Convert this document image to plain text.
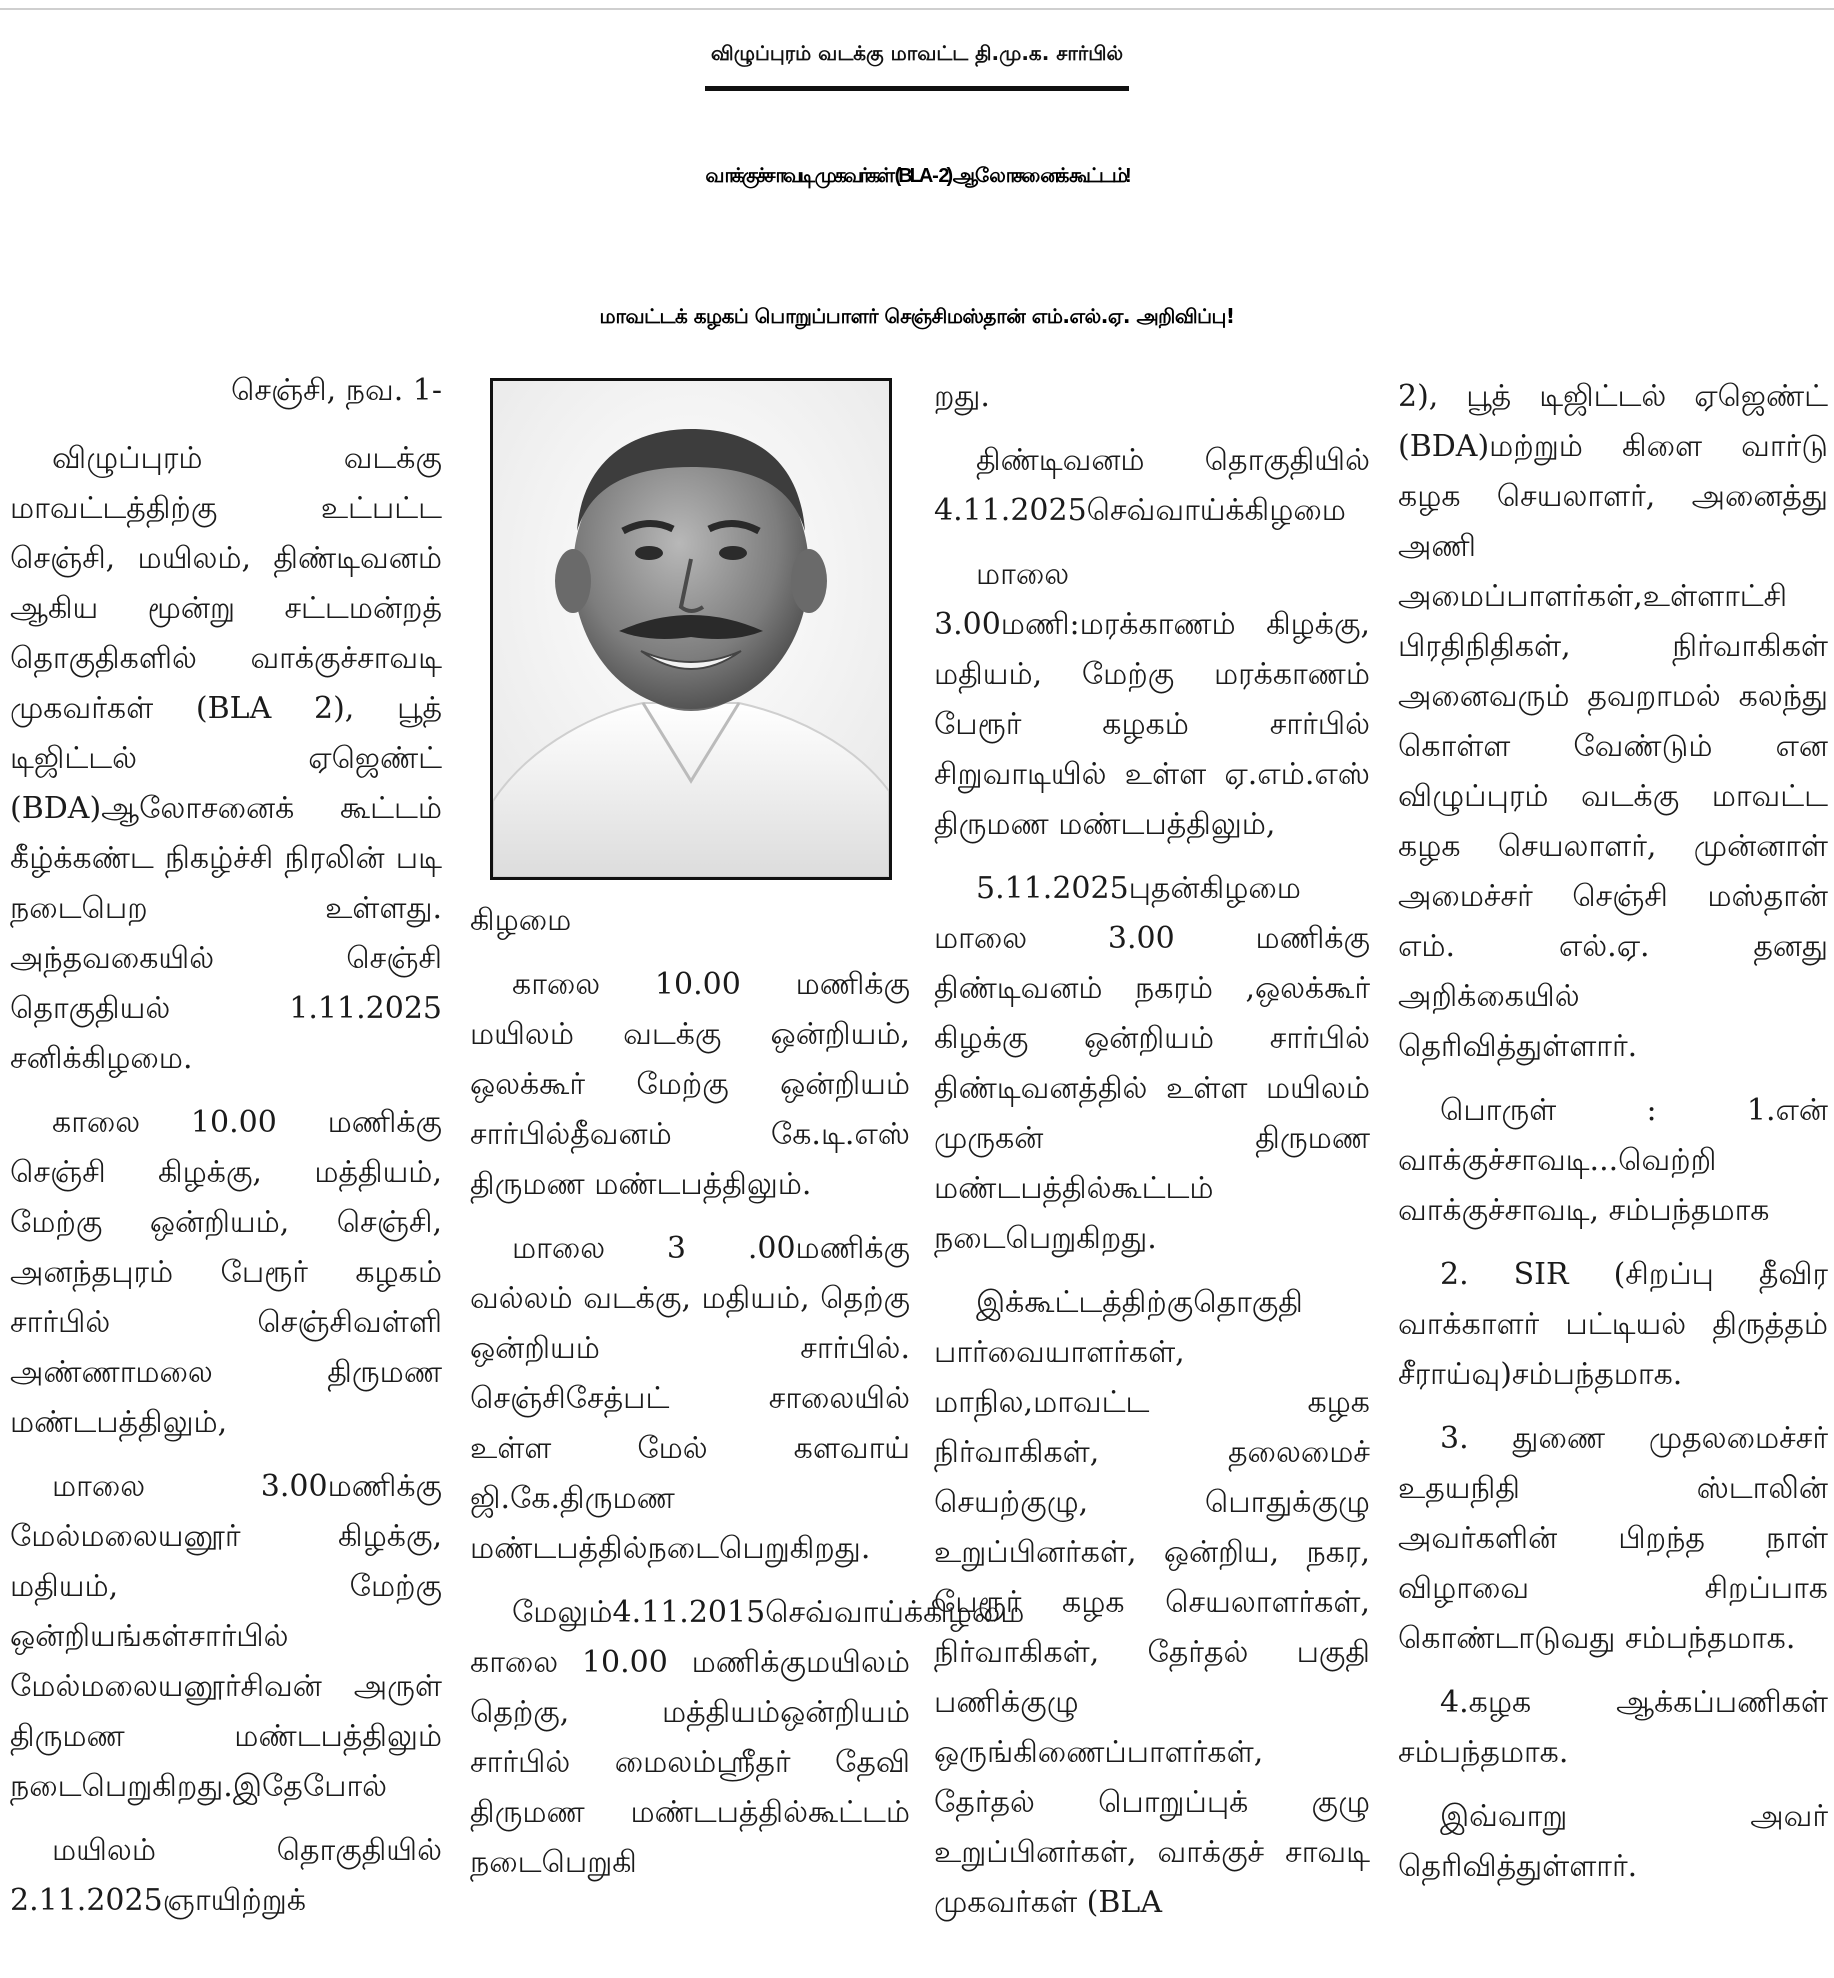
விழுப்புரம் வடக்கு மாவட்ட தி.மு.க. சார்பில்
வாக்குச்சாவடி முகவர்கள் (BLA - 2) ஆலோசனைக் கூட்டம்!
மாவட்டக் கழகப் பொறுப்பாளர் செஞ்சிமஸ்தான் எம்.எல்.ஏ. அறிவிப்பு!

செஞ்சி, நவ. 1-

விழுப்புரம் வடக்கு மாவட்டத்திற்கு உட்பட்ட செஞ்சி, மயிலம், திண்டிவனம் ஆகிய மூன்று சட்டமன்றத் தொகுதிகளில் வாக்குச்சாவடி முகவர்கள் (BLA 2), பூத் டிஜிட்டல் ஏஜெண்ட் (BDA)ஆலோசனைக் கூட்டம் கீழ்க்கண்ட நிகழ்ச்சி நிரலின் படி நடைபெற உள்ளது. அந்தவகையில் செஞ்சி தொகுதியல் 1.11.2025 சனிக்கிழமை.

காலை 10.00 மணிக்கு செஞ்சி கிழக்கு, மத்தியம், மேற்கு ஒன்றியம், செஞ்சி, அனந்தபுரம் பேரூர் கழகம் சார்பில் செஞ்சிவள்ளி அண்ணாமலை திருமண மண்டபத்திலும்,

மாலை 3.00மணிக்கு மேல்மலையனூர் கிழக்கு, மதியம், மேற்கு ஒன்றியங்கள்சார்பில் மேல்மலையனூர்சிவன் அருள் திருமண மண்டபத்திலும் நடைபெறுகிறது.இதேபோல்

மயிலம் தொகுதியில் 2.11.2025ஞாயிற்றுக்

கிழமை

காலை 10.00 மணிக்கு மயிலம் வடக்கு ஒன்றியம், ஒலக்கூர் மேற்கு ஒன்றியம் சார்பில்தீவனம் கே.டி.எஸ் திருமண மண்டபத்திலும்.

மாலை 3 .00மணிக்கு வல்லம் வடக்கு, மதியம், தெற்கு ஒன்றியம் சார்பில். செஞ்சிசேத்பட் சாலையில் உள்ள மேல் களவாய் ஜி.கே.திருமண மண்டபத்தில்நடைபெறுகிறது.

மேலும்4.11.2015செவ்வாய்க்கிழமை காலை 10.00 மணிக்குமயிலம் தெற்கு, மத்தியம்ஒன்றியம் சார்பில் மைலம்ஸ்ரீதர் தேவி திருமண மண்டபத்தில்கூட்டம் நடைபெறுகி

றது.

திண்டிவனம் தொகுதியில் 4.11.2025செவ்வாய்க்கிழமை

மாலை 3.00மணி:மரக்காணம் கிழக்கு, மதியம், மேற்கு மரக்காணம் பேரூர் கழகம் சார்பில் சிறுவாடியில் உள்ள ஏ.எம்.எஸ் திருமண மண்டபத்திலும்,

5.11.2025புதன்கிழமை மாலை 3.00 மணிக்கு திண்டிவனம் நகரம் ,ஒலக்கூர் கிழக்கு ஒன்றியம் சார்பில் திண்டிவனத்தில் உள்ள மயிலம் முருகன் திருமண மண்டபத்தில்கூட்டம் நடைபெறுகிறது.

இக்கூட்டத்திற்குதொகுதி பார்வையாளர்கள், மாநில,மாவட்ட கழக நிர்வாகிகள், தலைமைச் செயற்குழு, பொதுக்குழு உறுப்பினர்கள், ஒன்றிய, நகர, பேரூர் கழக செயலாளர்கள், நிர்வாகிகள், தேர்தல் பகுதி பணிக்குழு ஒருங்கிணைப்பாளர்கள், தேர்தல் பொறுப்புக் குழு உறுப்பினர்கள், வாக்குச் சாவடி முகவர்கள் (BLA

2), பூத் டிஜிட்டல் ஏஜெண்ட் (BDA)மற்றும் கிளை வார்டு கழக செயலாளர், அனைத்து அணி அமைப்பாளர்கள்,உள்ளாட்சி பிரதிநிதிகள், நிர்வாகிகள் அனைவரும் தவறாமல் கலந்து கொள்ள வேண்டும் என விழுப்புரம் வடக்கு மாவட்ட கழக செயலாளர், முன்னாள் அமைச்சர் செஞ்சி மஸ்தான் எம். எல்.ஏ. தனது அறிக்கையில் தெரிவித்துள்ளார்.

பொருள் : 1.என் வாக்குச்சாவடி...வெற்றி வாக்குச்சாவடி, சம்பந்தமாக

2. SIR (சிறப்பு தீவிர வாக்காளர் பட்டியல் திருத்தம் சீராய்வு)சம்பந்தமாக.

3. துணை முதலமைச்சர் உதயநிதி ஸ்டாலின் அவர்களின் பிறந்த நாள் விழாவை சிறப்பாக கொண்டாடுவது சம்பந்தமாக.

4.கழக ஆக்கப்பணிகள் சம்பந்தமாக.

இவ்வாறு அவர் தெரிவித்துள்ளார்.
